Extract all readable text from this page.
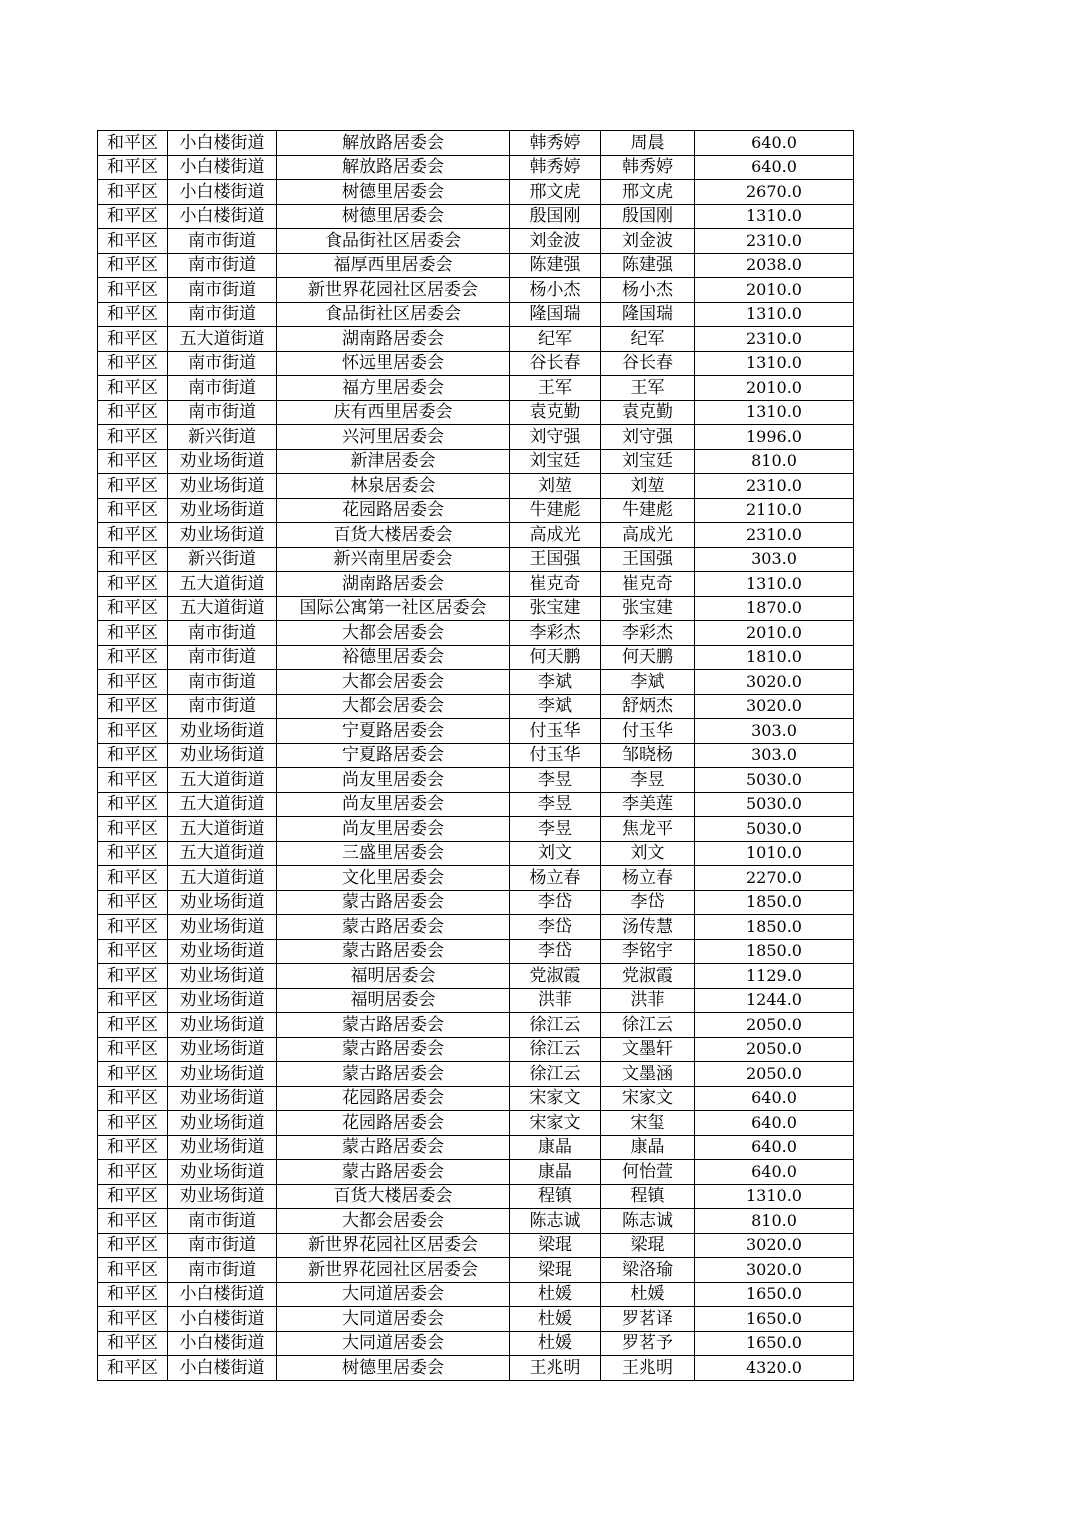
和平区	小白楼街道	解放路居委会	韩秀婷	周晨	640.0
和平区	小白楼街道	解放路居委会	韩秀婷	韩秀婷	640.0
和平区	小白楼街道	树德里居委会	邢文虎	邢文虎	2670.0
和平区	小白楼街道	树德里居委会	殷国刚	殷国刚	1310.0
和平区	南市街道	食品街社区居委会	刘金波	刘金波	2310.0
和平区	南市街道	福厚西里居委会	陈建强	陈建强	2038.0
和平区	南市街道	新世界花园社区居委会	杨小杰	杨小杰	2010.0
和平区	南市街道	食品街社区居委会	隆国瑞	隆国瑞	1310.0
和平区	五大道街道	湖南路居委会	纪军	纪军	2310.0
和平区	南市街道	怀远里居委会	谷长春	谷长春	1310.0
和平区	南市街道	福方里居委会	王军	王军	2010.0
和平区	南市街道	庆有西里居委会	袁克勤	袁克勤	1310.0
和平区	新兴街道	兴河里居委会	刘守强	刘守强	1996.0
和平区	劝业场街道	新津居委会	刘宝廷	刘宝廷	810.0
和平区	劝业场街道	林泉居委会	刘堃	刘堃	2310.0
和平区	劝业场街道	花园路居委会	牛建彪	牛建彪	2110.0
和平区	劝业场街道	百货大楼居委会	高成光	高成光	2310.0
和平区	新兴街道	新兴南里居委会	王国强	王国强	303.0
和平区	五大道街道	湖南路居委会	崔克奇	崔克奇	1310.0
和平区	五大道街道	国际公寓第一社区居委会	张宝建	张宝建	1870.0
和平区	南市街道	大都会居委会	李彩杰	李彩杰	2010.0
和平区	南市街道	裕德里居委会	何天鹏	何天鹏	1810.0
和平区	南市街道	大都会居委会	李斌	李斌	3020.0
和平区	南市街道	大都会居委会	李斌	舒炳杰	3020.0
和平区	劝业场街道	宁夏路居委会	付玉华	付玉华	303.0
和平区	劝业场街道	宁夏路居委会	付玉华	邹晓杨	303.0
和平区	五大道街道	尚友里居委会	李昱	李昱	5030.0
和平区	五大道街道	尚友里居委会	李昱	李美莲	5030.0
和平区	五大道街道	尚友里居委会	李昱	焦龙平	5030.0
和平区	五大道街道	三盛里居委会	刘文	刘文	1010.0
和平区	五大道街道	文化里居委会	杨立春	杨立春	2270.0
和平区	劝业场街道	蒙古路居委会	李岱	李岱	1850.0
和平区	劝业场街道	蒙古路居委会	李岱	汤传慧	1850.0
和平区	劝业场街道	蒙古路居委会	李岱	李铭宇	1850.0
和平区	劝业场街道	福明居委会	党淑霞	党淑霞	1129.0
和平区	劝业场街道	福明居委会	洪菲	洪菲	1244.0
和平区	劝业场街道	蒙古路居委会	徐江云	徐江云	2050.0
和平区	劝业场街道	蒙古路居委会	徐江云	文墨轩	2050.0
和平区	劝业场街道	蒙古路居委会	徐江云	文墨涵	2050.0
和平区	劝业场街道	花园路居委会	宋家文	宋家文	640.0
和平区	劝业场街道	花园路居委会	宋家文	宋玺	640.0
和平区	劝业场街道	蒙古路居委会	康晶	康晶	640.0
和平区	劝业场街道	蒙古路居委会	康晶	何怡萱	640.0
和平区	劝业场街道	百货大楼居委会	程镇	程镇	1310.0
和平区	南市街道	大都会居委会	陈志诚	陈志诚	810.0
和平区	南市街道	新世界花园社区居委会	梁琨	梁琨	3020.0
和平区	南市街道	新世界花园社区居委会	梁琨	梁洛瑜	3020.0
和平区	小白楼街道	大同道居委会	杜媛	杜媛	1650.0
和平区	小白楼街道	大同道居委会	杜媛	罗茗译	1650.0
和平区	小白楼街道	大同道居委会	杜媛	罗茗予	1650.0
和平区	小白楼街道	树德里居委会	王兆明	王兆明	4320.0
